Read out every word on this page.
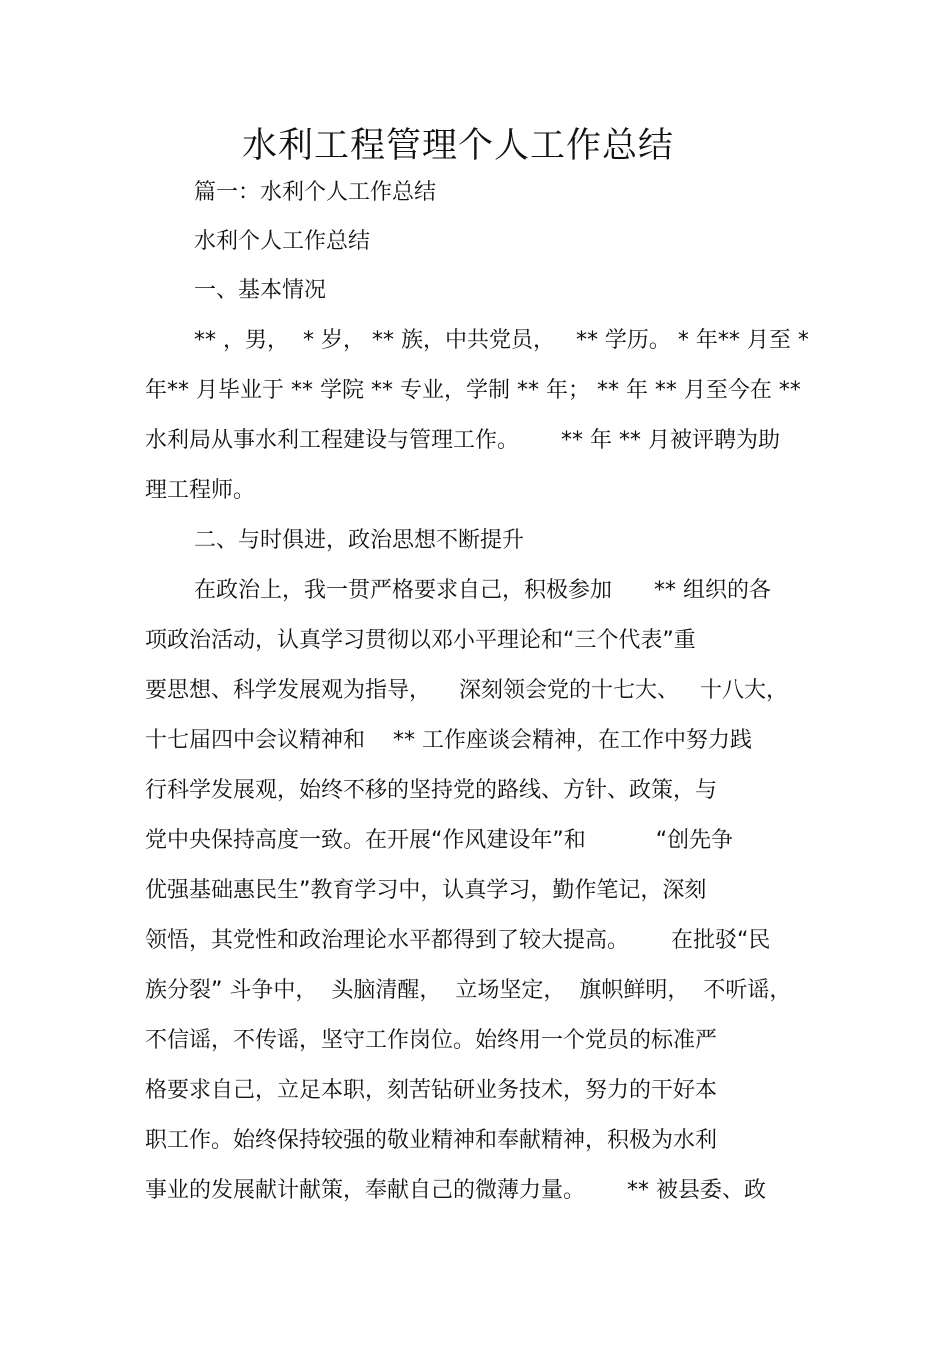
水利工程管理个人工作总结
篇一：水利个人工作总结
水利个人工作总结
一、基本情况
** ，男，  * 岁， ** 族，中共党员，   ** 学历。 * 年** 月至 *
年** 月毕业于 ** 学院 ** 专业，学制 ** 年； ** 年 ** 月至今在 **
水利局从事水利工程建设与管理工作。      ** 年 ** 月被评聘为助
理工程师。
二、与时俱进，政治思想不断提升
在政治上，我一贯严格要求自己，积极参加      ** 组织的各
项政治活动，认真学习贯彻以邓小平理论和“三个代表”重
要思想、科学发展观为指导，    深刻领会党的十七大、   十八大，
十七届四中会议精神和    ** 工作座谈会精神，在工作中努力践
行科学发展观，始终不移的坚持党的路线、方针、政策，与
党中央保持高度一致。在开展“作风建设年”和          “创先争
优强基础惠民生”教育学习中，认真学习，勤作笔记，深刻
领悟，其党性和政治理论水平都得到了较大提高。      在批驳“民
族分裂” 斗争中，  头脑清醒，  立场坚定，  旗帜鲜明，  不听谣，
不信谣，不传谣，坚守工作岗位。始终用一个党员的标准严
格要求自己，立足本职，刻苦钻研业务技术，努力的干好本
职工作。始终保持较强的敬业精神和奉献精神，积极为水利
事业的发展献计献策，奉献自己的微薄力量。      ** 被县委、政
